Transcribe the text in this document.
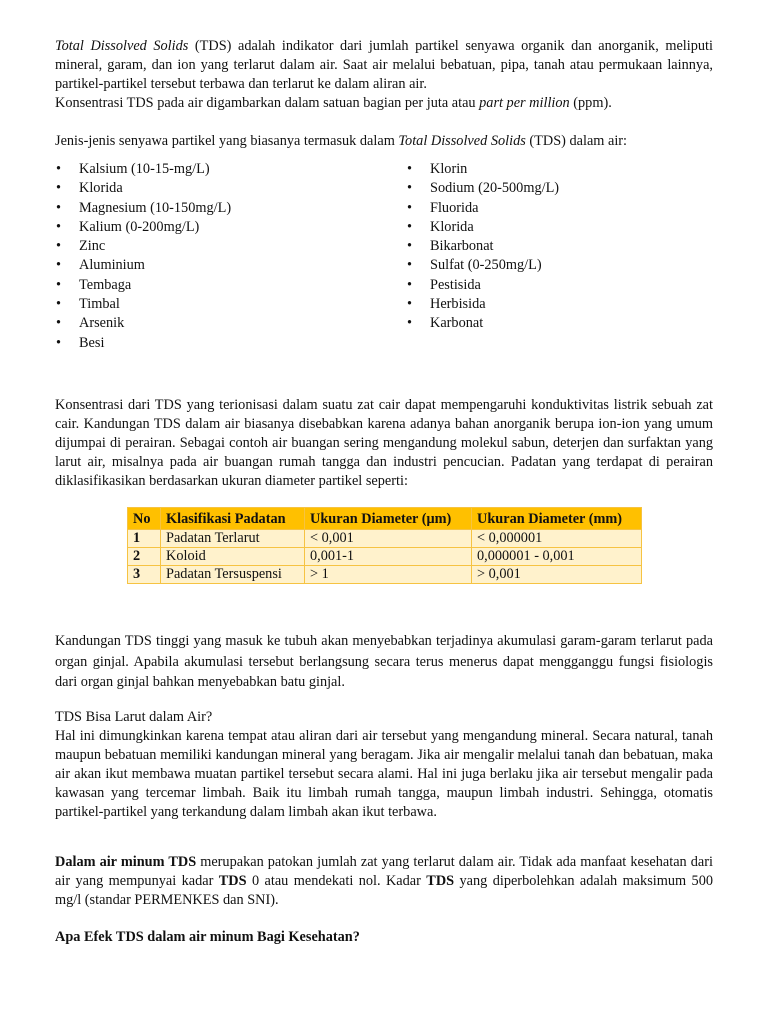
Total Dissolved Solids (TDS) adalah indikator dari jumlah partikel senyawa organik dan anorganik, meliputi mineral, garam, dan ion yang terlarut dalam air. Saat air melalui bebatuan, pipa, tanah atau permukaan lainnya, partikel-partikel tersebut terbawa dan terlarut ke dalam aliran air.

Konsentrasi TDS pada air digambarkan dalam satuan bagian per juta atau part per million (ppm).

Jenis-jenis senyawa partikel yang biasanya termasuk dalam Total Dissolved Solids (TDS) dalam air:

• Kalsium (10-15-mg/L)
• Klorida
• Magnesium (10-150mg/L)
• Kalium (0-200mg/L)
• Zinc
• Aluminium
• Tembaga
• Timbal
• Arsenik
• Besi
• Klorin
• Sodium (20-500mg/L)
• Fluorida
• Klorida
• Bikarbonat
• Sulfat (0-250mg/L)
• Pestisida
• Herbisida
• Karbonat

Konsentrasi dari TDS yang terionisasi dalam suatu zat cair dapat mempengaruhi konduktivitas listrik sebuah zat cair. Kandungan TDS dalam air biasanya disebabkan karena adanya bahan anorganik berupa ion-ion yang umum dijumpai di perairan. Sebagai contoh air buangan sering mengandung molekul sabun, deterjen dan surfaktan yang larut air, misalnya pada air buangan rumah tangga dan industri pencucian. Padatan yang terdapat di perairan diklasifikasikan berdasarkan ukuran diameter partikel seperti:

No	Klasifikasi Padatan	Ukuran Diameter (μm)	Ukuran Diameter (mm)
1	Padatan Terlarut	< 0,001	< 0,000001
2	Koloid	0,001-1	0,000001 - 0,001
3	Padatan Tersuspensi	> 1	> 0,001

Kandungan TDS tinggi yang masuk ke tubuh akan menyebabkan terjadinya akumulasi garam-garam terlarut pada organ ginjal. Apabila akumulasi tersebut berlangsung secara terus menerus dapat mengganggu fungsi fisiologis dari organ ginjal bahkan menyebabkan batu ginjal.

TDS Bisa Larut dalam Air?

Hal ini dimungkinkan karena tempat atau aliran dari air tersebut yang mengandung mineral. Secara natural, tanah maupun bebatuan memiliki kandungan mineral yang beragam. Jika air mengalir melalui tanah dan bebatuan, maka air akan ikut membawa muatan partikel tersebut secara alami. Hal ini juga berlaku jika air tersebut mengalir pada kawasan yang tercemar limbah. Baik itu limbah rumah tangga, maupun limbah industri. Sehingga, otomatis partikel-partikel yang terkandung dalam limbah akan ikut terbawa.

Dalam air minum TDS merupakan patokan jumlah zat yang terlarut dalam air. Tidak ada manfaat kesehatan dari air yang mempunyai kadar TDS 0 atau mendekati nol. Kadar TDS yang diperbolehkan adalah maksimum 500 mg/l (standar PERMENKES dan SNI).

Apa Efek TDS dalam air minum Bagi Kesehatan?
